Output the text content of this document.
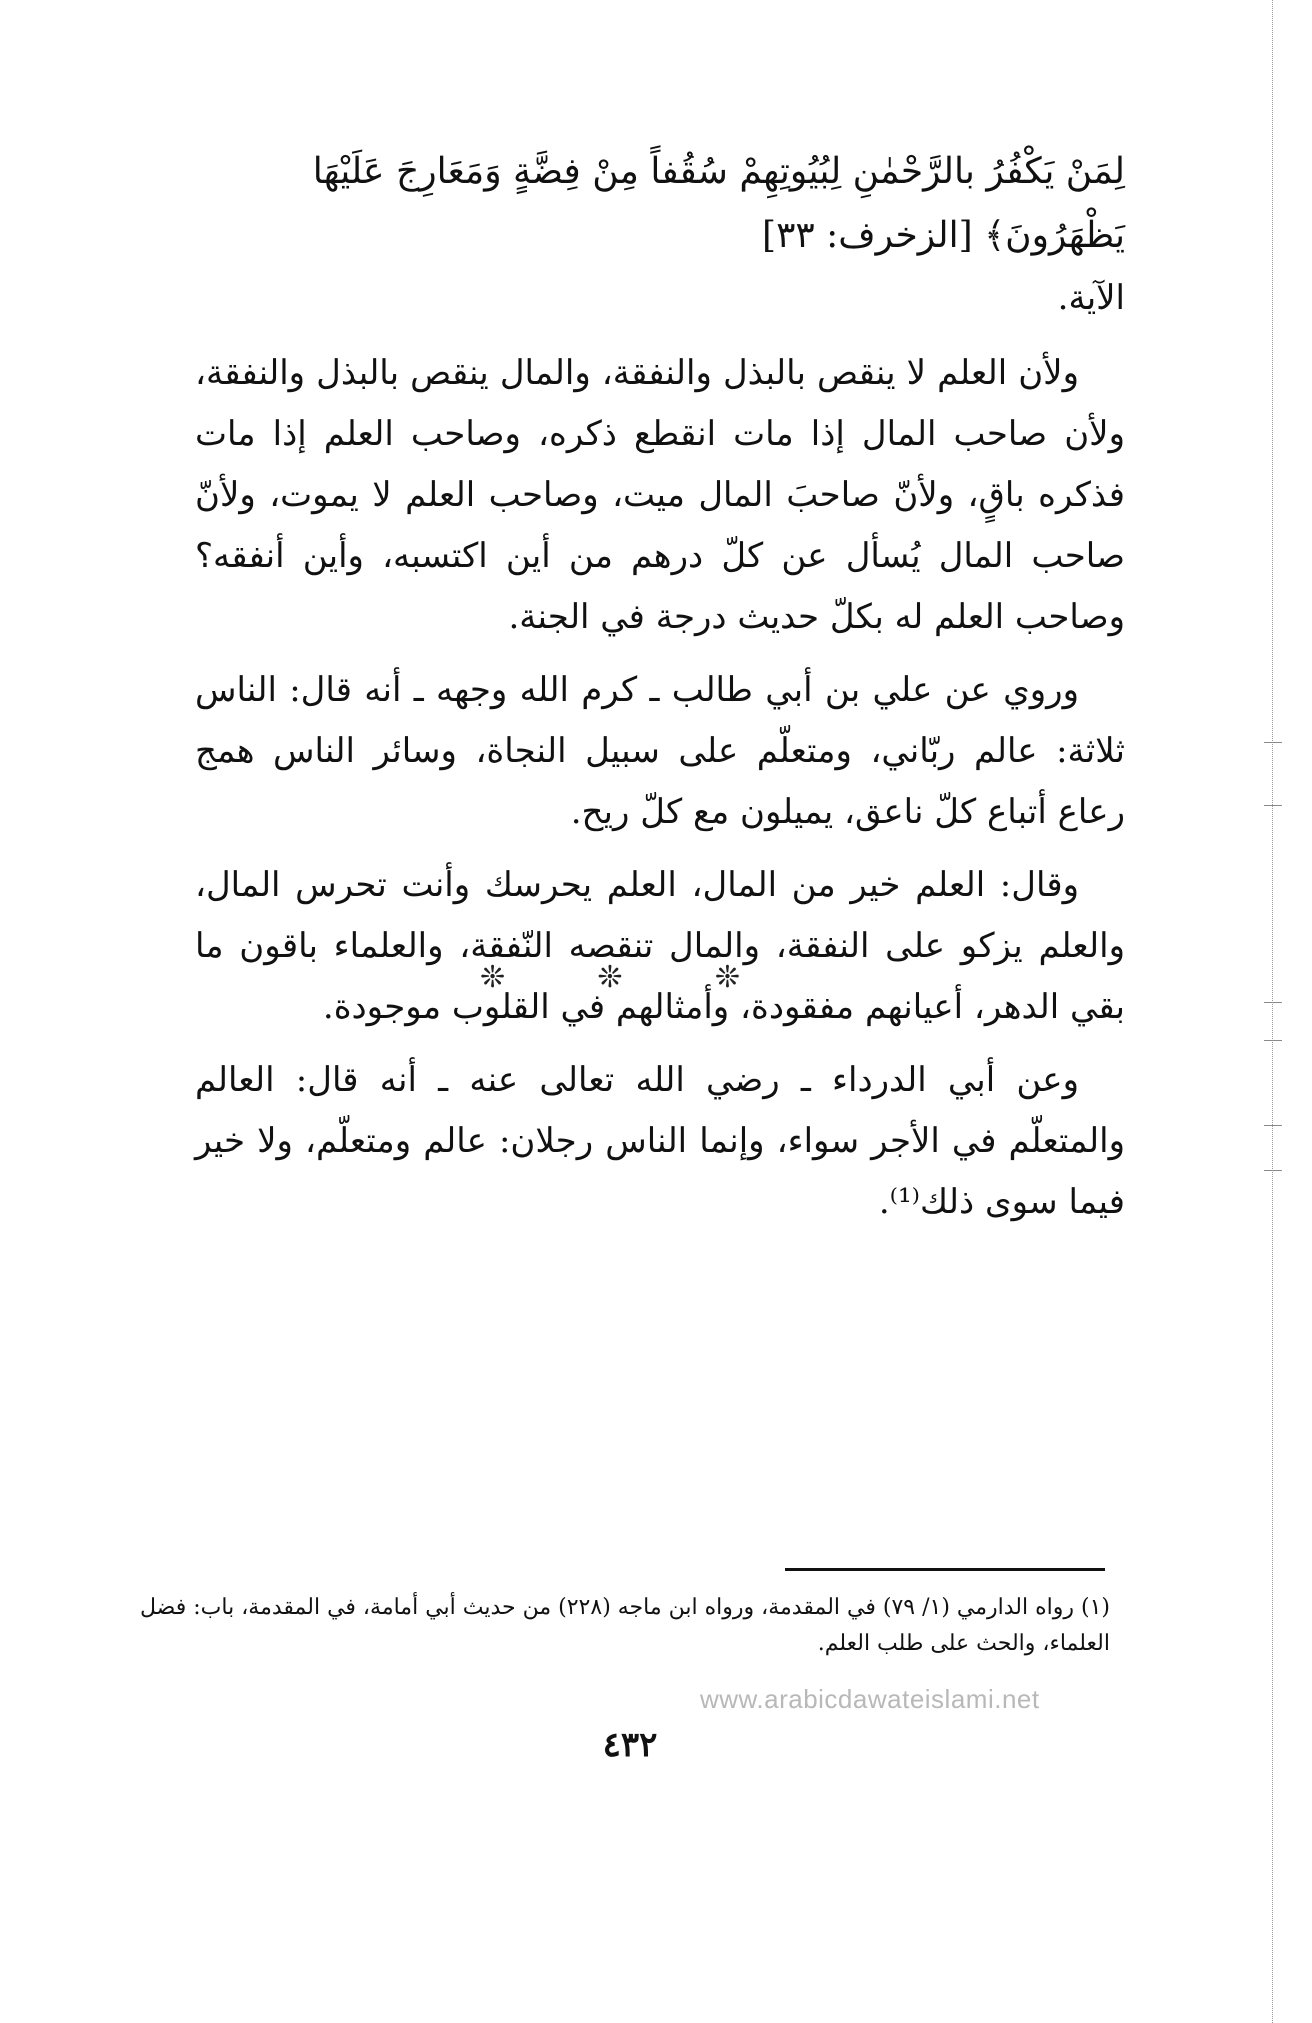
لِمَنْ يَكْفُرُ بالرَّحْمٰنِ لِبُيُوتِهِمْ سُقُفاً مِنْ فِضَّةٍ وَمَعَارِجَ عَلَيْهَا يَظْهَرُونَ﴾ [الزخرف: ٣٣]

الآية.

ولأن العلم لا ينقص بالبذل والنفقة، والمال ينقص بالبذل والنفقة، ولأن صاحب المال إذا مات انقطع ذكره، وصاحب العلم إذا مات فذكره باقٍ، ولأنّ صاحبَ المال ميت، وصاحب العلم لا يموت، ولأنّ صاحب المال يُسأل عن كلّ درهم من أين اكتسبه، وأين أنفقه؟ وصاحب العلم له بكلّ حديث درجة في الجنة.

وروي عن علي بن أبي طالب ـ كرم الله وجهه ـ أنه قال: الناس ثلاثة: عالم ربّاني، ومتعلّم على سبيل النجاة، وسائر الناس همج رعاع أتباع كلّ ناعق، يميلون مع كلّ ريح.

وقال: العلم خير من المال، العلم يحرسك وأنت تحرس المال، والعلم يزكو على النفقة، والمال تنقصه النّفقة، والعلماء باقون ما بقي الدهر، أعيانهم مفقودة، وأمثالهم في القلوب موجودة.

وعن أبي الدرداء ـ رضي الله تعالى عنه ـ أنه قال: العالم والمتعلّم في الأجر سواء، وإنما الناس رجلان: عالم ومتعلّم، ولا خير فيما سوى ذلك⁽¹⁾.

❊	❊	❊

(١) رواه الدارمي (١/ ٧٩) في المقدمة، ورواه ابن ماجه (٢٢٨) من حديث أبي أمامة، في المقدمة، باب: فضل العلماء، والحث على طلب العلم.

www.arabicdawateislami.net
٤٣٢
